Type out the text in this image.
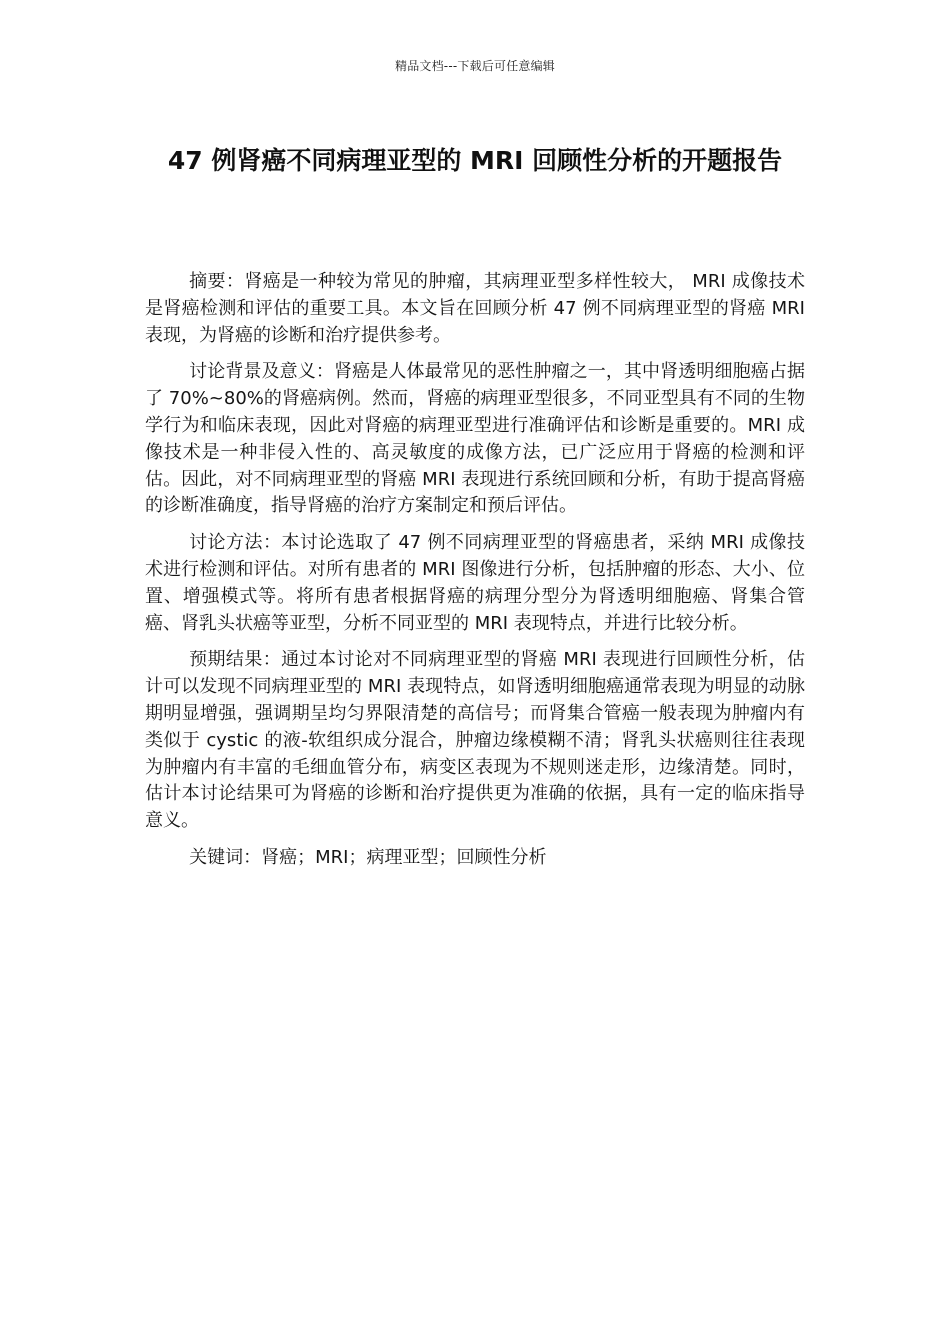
精品文档---下载后可任意编辑
47 例肾癌不同病理亚型的 MRI 回顾性分析的开题报告

摘要：肾癌是一种较为常见的肿瘤，其病理亚型多样性较大， MRI 成像技术是肾癌检测和评估的重要工具。本文旨在回顾分析 47 例不同病理亚型的肾癌 MRI 表现，为肾癌的诊断和治疗提供参考。

讨论背景及意义：肾癌是人体最常见的恶性肿瘤之一，其中肾透明细胞癌占据了 70%~80%的肾癌病例。然而，肾癌的病理亚型很多，不同亚型具有不同的生物学行为和临床表现，因此对肾癌的病理亚型进行准确评估和诊断是重要的。MRI 成像技术是一种非侵入性的、高灵敏度的成像方法，已广泛应用于肾癌的检测和评估。因此，对不同病理亚型的肾癌 MRI 表现进行系统回顾和分析，有助于提高肾癌的诊断准确度，指导肾癌的治疗方案制定和预后评估。

讨论方法：本讨论选取了 47 例不同病理亚型的肾癌患者，采纳 MRI 成像技术进行检测和评估。对所有患者的 MRI 图像进行分析，包括肿瘤的形态、大小、位置、增强模式等。将所有患者根据肾癌的病理分型分为肾透明细胞癌、肾集合管癌、肾乳头状癌等亚型，分析不同亚型的 MRI 表现特点，并进行比较分析。

预期结果：通过本讨论对不同病理亚型的肾癌 MRI 表现进行回顾性分析，估计可以发现不同病理亚型的 MRI 表现特点，如肾透明细胞癌通常表现为明显的动脉期明显增强，强调期呈均匀界限清楚的高信号；而肾集合管癌一般表现为肿瘤内有类似于 cystic 的液-软组织成分混合，肿瘤边缘模糊不清；肾乳头状癌则往往表现为肿瘤内有丰富的毛细血管分布，病变区表现为不规则迷走形，边缘清楚。同时，估计本讨论结果可为肾癌的诊断和治疗提供更为准确的依据，具有一定的临床指导意义。

关键词：肾癌；MRI；病理亚型；回顾性分析
